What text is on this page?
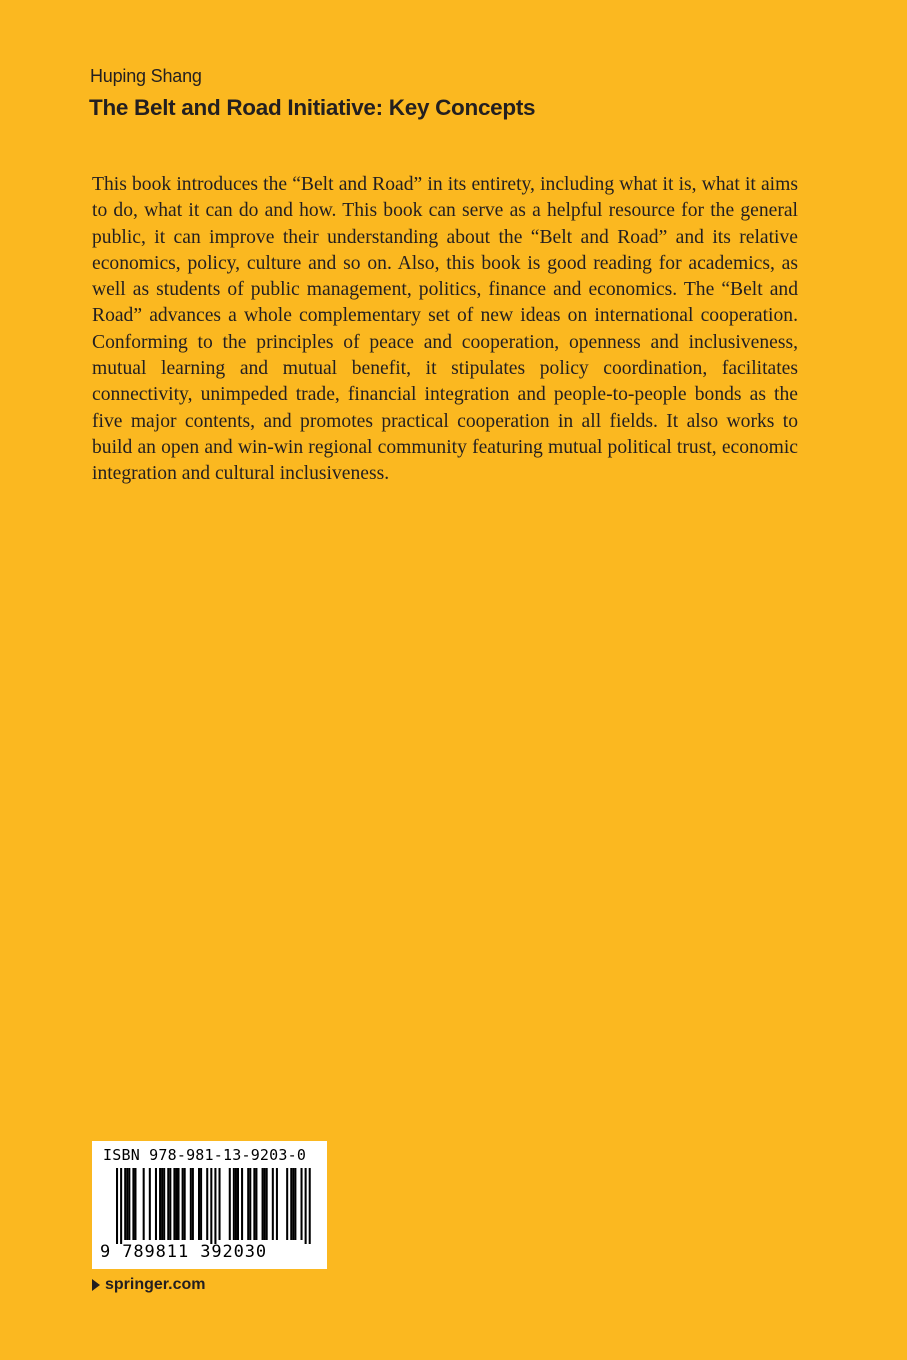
Huping Shang
The Belt and Road Initiative: Key Concepts

This book introduces the “Belt and Road” in its entirety, including what it is, what it aims to do, what it can do and how. This book can serve as a helpful resource for the general public, it can improve their understanding about the “Belt and Road” and its relative economics, policy, culture and so on. Also, this book is good reading for academics, as well as students of public management, politics, finance and economics. The “Belt and Road” advances a whole complementary set of new ideas on international cooperation. Conforming to the principles of peace and cooperation, openness and inclusiveness, mutual learning and mutual benefit, it stipulates policy coordination, facilitates connectivity, unimpeded trade, financial integration and people-to-people bonds as the five major contents, and promotes practical cooperation in all fields. It also works to build an open and win-win regional community featuring mutual political trust, economic integration and cultural inclusiveness.

ISBN 978-981-13-9203-0
9 789811 392030
springer.com
